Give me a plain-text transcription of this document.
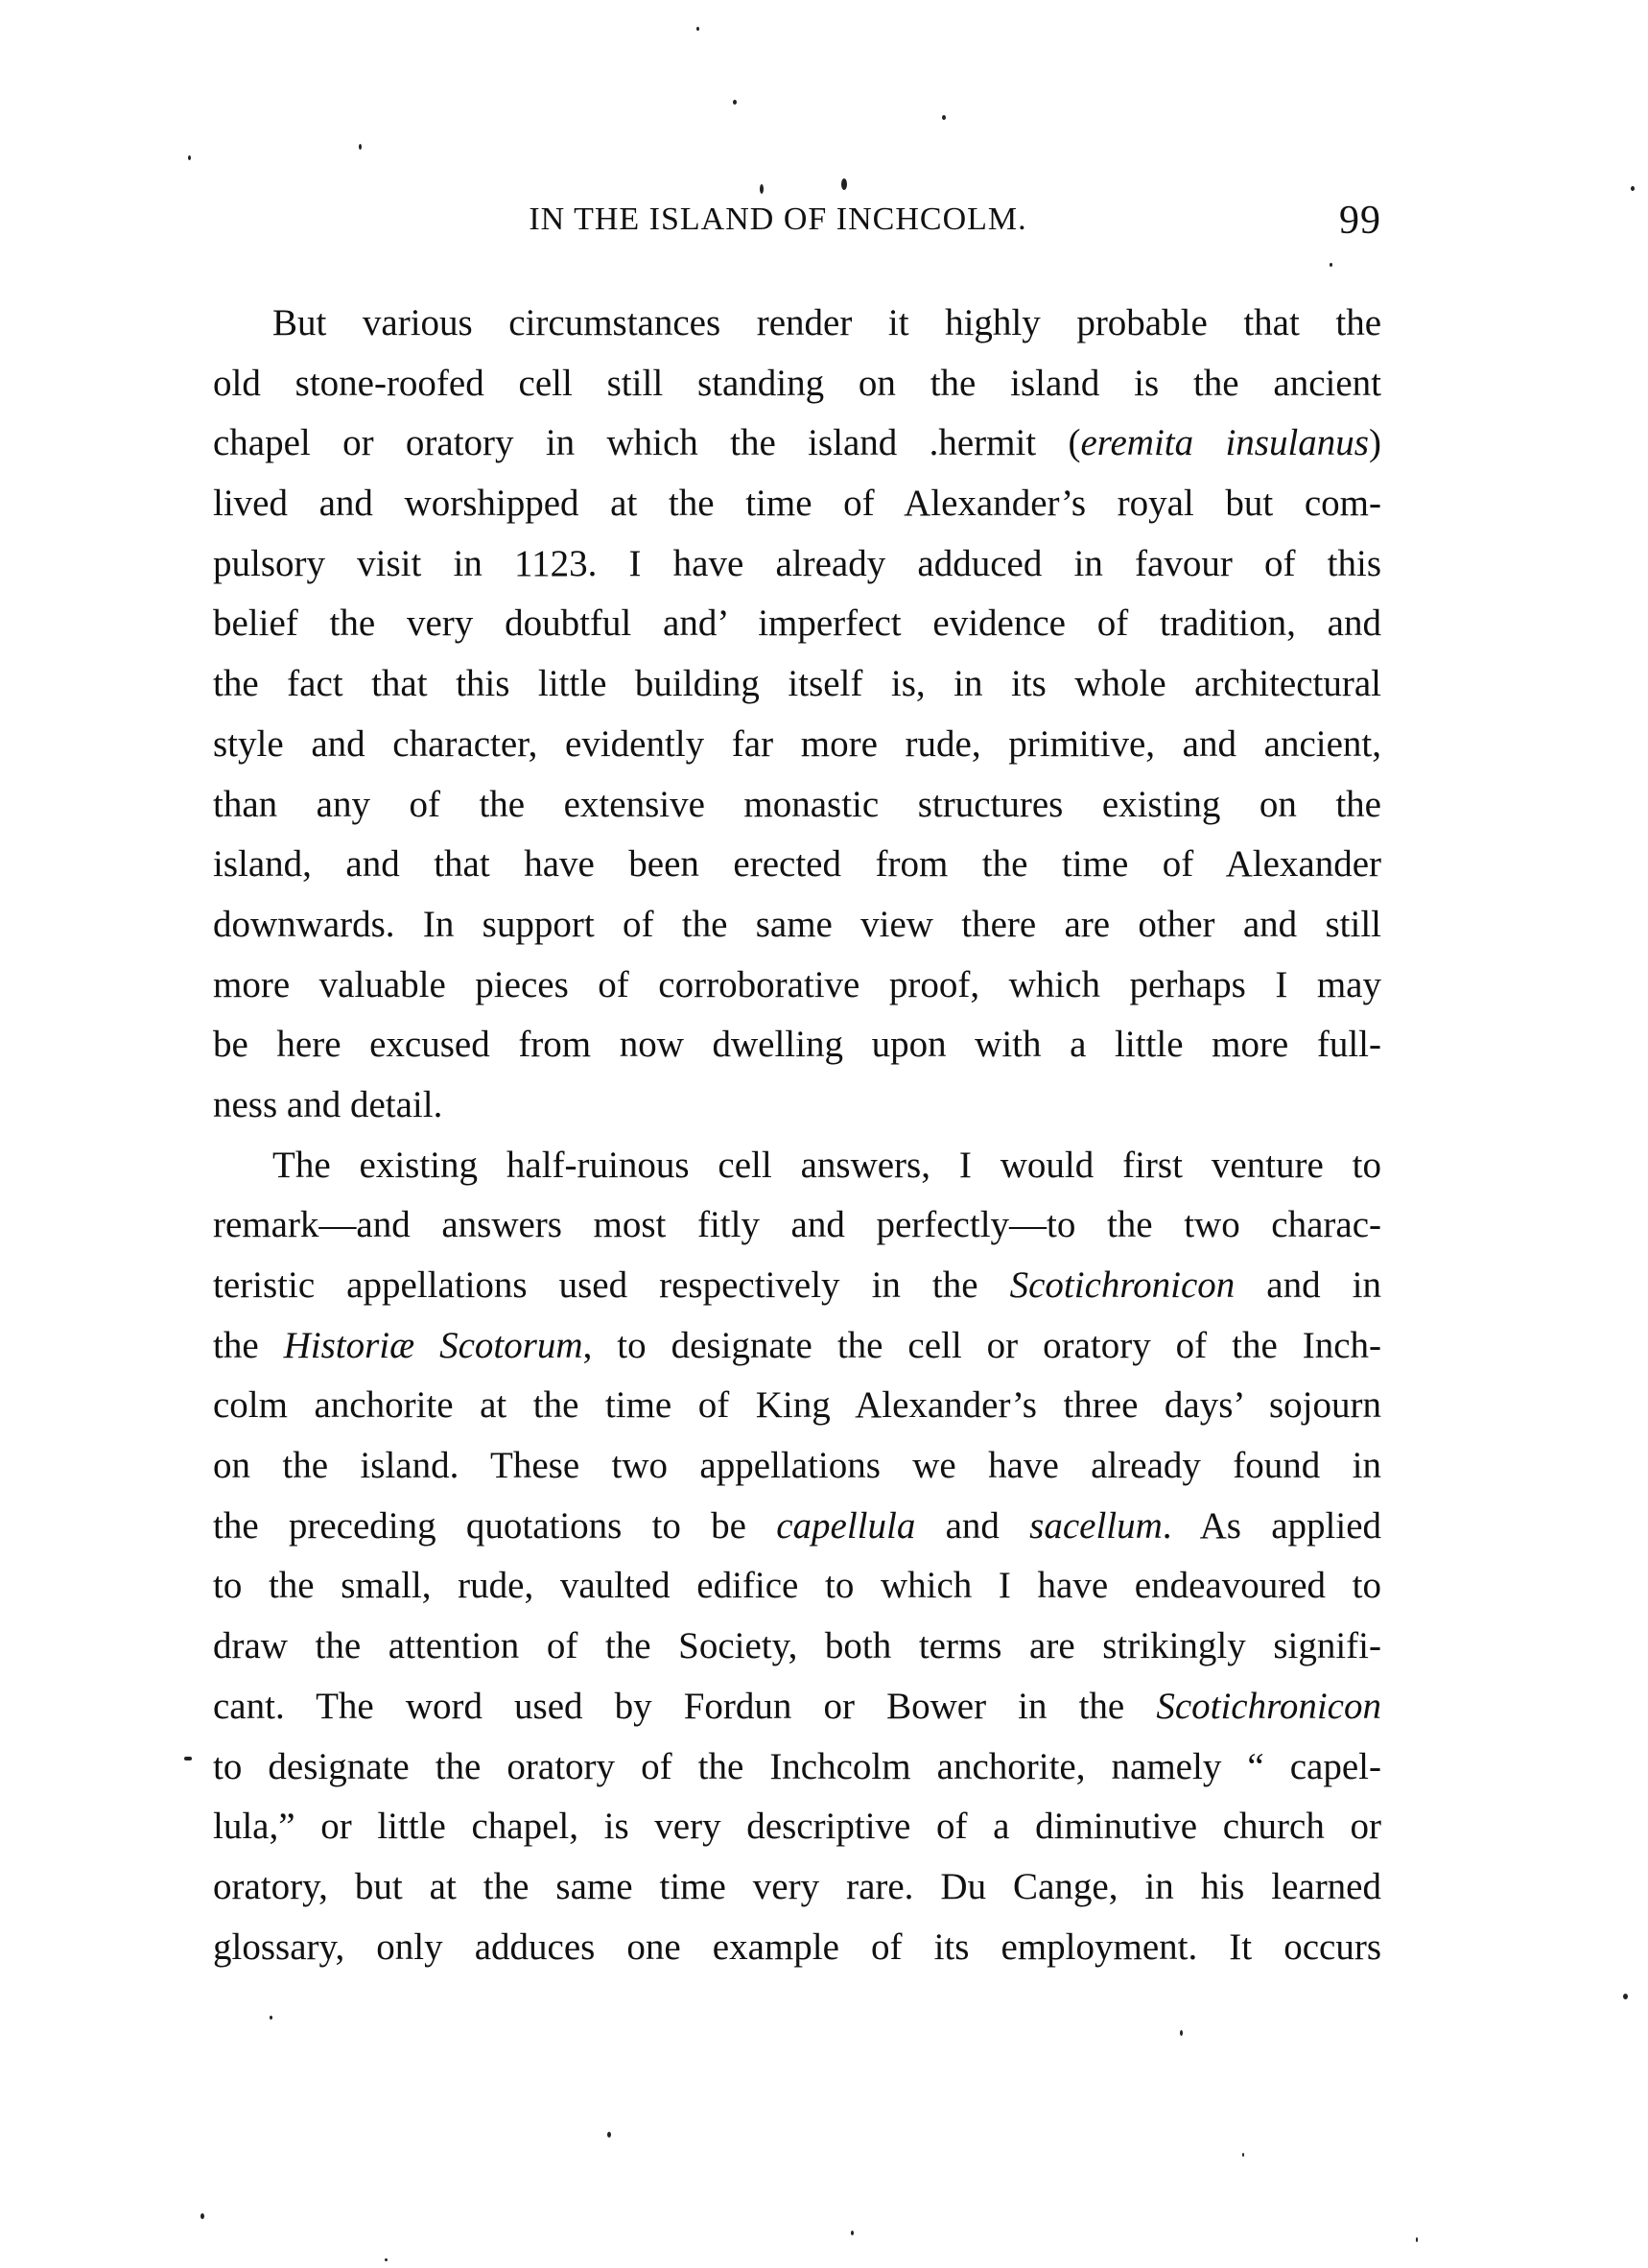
IN THE ISLAND OF INCHCOLM.	99
But various circumstances render it highly probable that the
old stone-roofed cell still standing on the island is the ancient
chapel or oratory in which the island .hermit (eremita insulanus)
lived and worshipped at the time of Alexander’s royal but com-
pulsory visit in 1123. I have already adduced in favour of this
belief the very doubtful and’ imperfect evidence of tradition, and
the fact that this little building itself is, in its whole architectural
style and character, evidently far more rude, primitive, and ancient,
than any of the extensive monastic structures existing on the
island, and that have been erected from the time of Alexander
downwards. In support of the same view there are other and still
more valuable pieces of corroborative proof, which perhaps I may
be here excused from now dwelling upon with a little more full-
ness and detail.
The existing half-ruinous cell answers, I would first venture to
remark—and answers most fitly and perfectly—to the two charac-
teristic appellations used respectively in the Scotichronicon and in
the Historiæ Scotorum, to designate the cell or oratory of the Inch-
colm anchorite at the time of King Alexander’s three days’ sojourn
on the island. These two appellations we have already found in
the preceding quotations to be capellula and sacellum. As applied
to the small, rude, vaulted edifice to which I have endeavoured to
draw the attention of the Society, both terms are strikingly signifi-
cant. The word used by Fordun or Bower in the Scotichronicon
to designate the oratory of the Inchcolm anchorite, namely “ capel-
lula,” or little chapel, is very descriptive of a diminutive church or
oratory, but at the same time very rare. Du Cange, in his learned
glossary, only adduces one example of its employment. It occurs
